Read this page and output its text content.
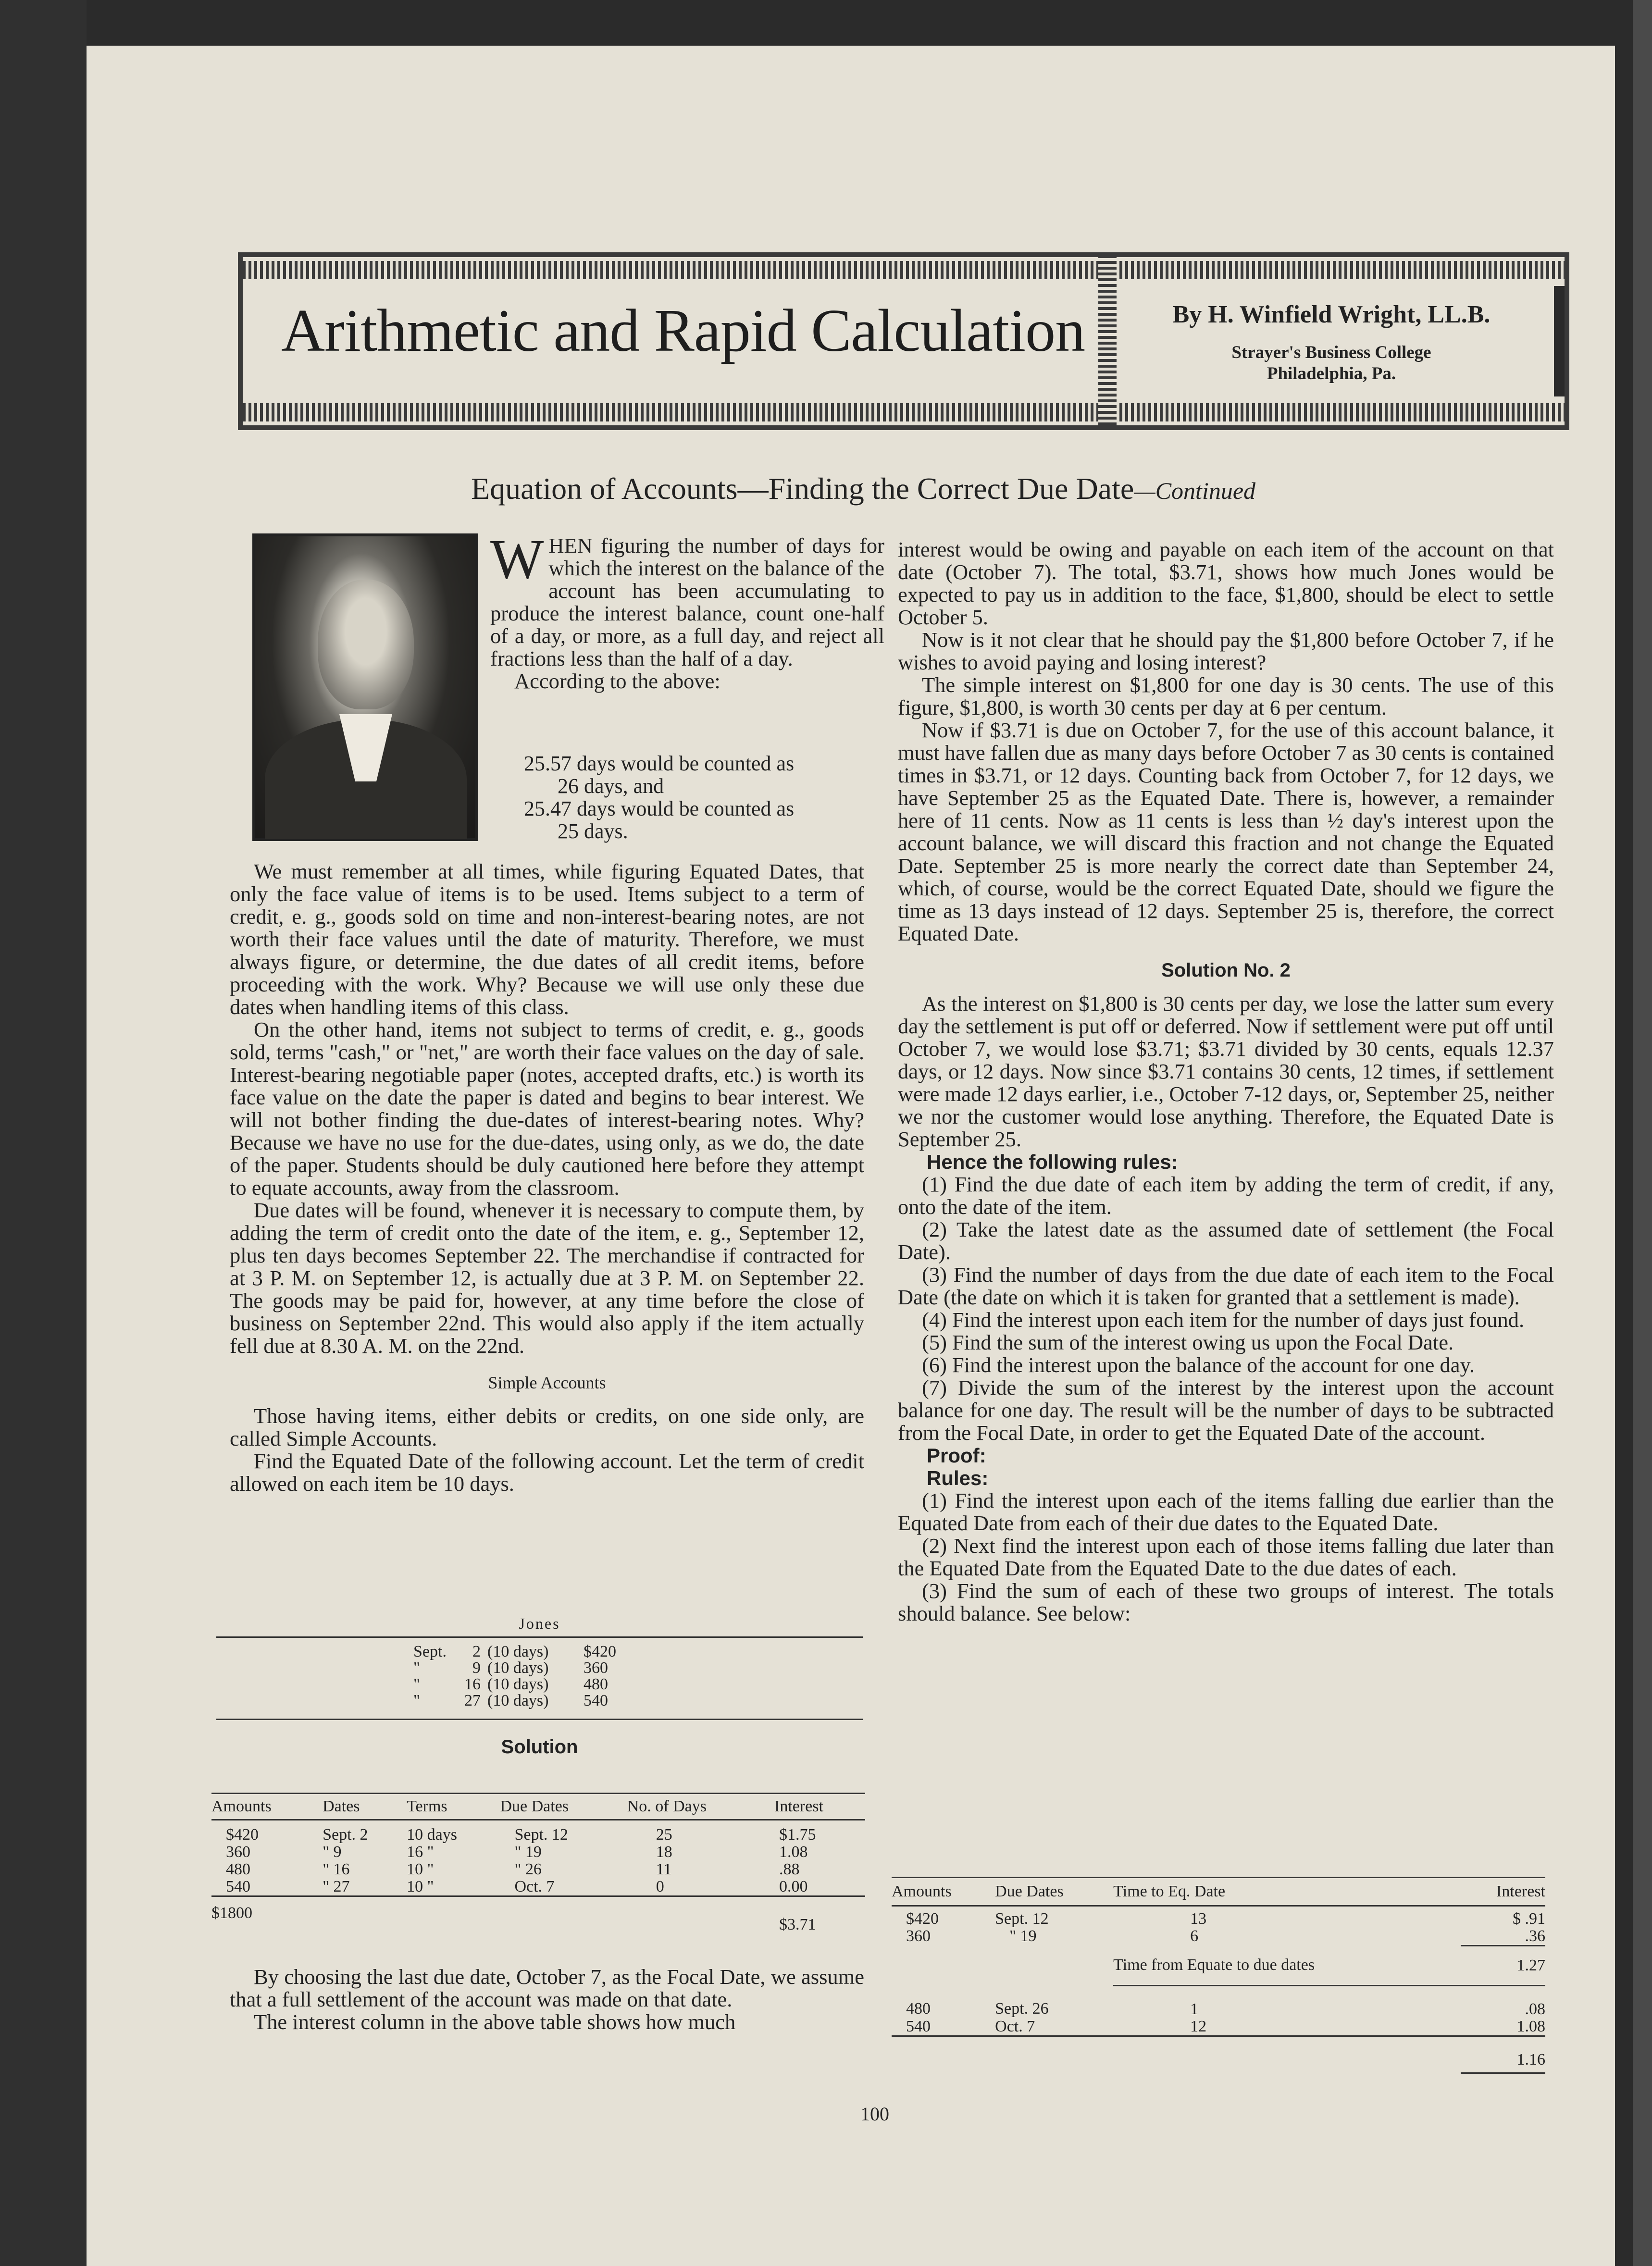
Arithmetic and Rapid Calculation	By H. Winfield Wright, LL.B.
Strayer's Business College
Philadelphia, Pa.
Equation of Accounts—Finding the Correct Due Date—Continued

WHEN figuring the number of days for which the interest on the balance of the account has been accumulating to produce the interest balance, count one-half of a day, or more, as a full day, and reject all fractions less than the half of a day.

According to the above:

25.57 days would be counted as
26 days, and
25.47 days would be counted as
25 days.

We must remember at all times, while figuring Equated Dates, that only the face value of items is to be used. Items subject to a term of credit, e. g., goods sold on time and non-interest-bearing notes, are not worth their face values until the date of maturity. Therefore, we must always figure, or determine, the due dates of all credit items, before proceeding with the work. Why? Because we will use only these due dates when handling items of this class.

On the other hand, items not subject to terms of credit, e. g., goods sold, terms "cash," or "net," are worth their face values on the day of sale. Interest-bearing negotiable paper (notes, accepted drafts, etc.) is worth its face value on the date the paper is dated and begins to bear interest. We will not bother finding the due-dates of interest-bearing notes. Why? Because we have no use for the due-dates, using only, as we do, the date of the paper. Students should be duly cautioned here before they attempt to equate accounts, away from the classroom.

Due dates will be found, whenever it is necessary to compute them, by adding the term of credit onto the date of the item, e. g., September 12, plus ten days becomes September 22. The merchandise if contracted for at 3 P. M. on September 12, is actually due at 3 P. M. on September 22. The goods may be paid for, however, at any time before the close of business on September 22nd. This would also apply if the item actually fell due at 8.30 A. M. on the 22nd.

Simple Accounts

Those having items, either debits or credits, on one side only, are called Simple Accounts.

Find the Equated Date of the following account. Let the term of credit allowed on each item be 10 days.

Jones
Sept.	2 (10 days)	$420
"	9 (10 days)	360
"	16 (10 days)	480
"	27 (10 days)	540
Solution
Amounts	Dates	Terms	Due Dates	No. of Days	Interest
$420	Sept. 2	10 days	Sept. 12	25	$1.75
360	" 9	16 "	" 19	18	1.08
480	" 16	10 "	" 26	11	.88
540	" 27	10 "	Oct. 7	0	0.00
$1800					$3.71

By choosing the last due date, October 7, as the Focal Date, we assume that a full settlement of the account was made on that date.

The interest column in the above table shows how much

interest would be owing and payable on each item of the account on that date (October 7). The total, $3.71, shows how much Jones would be expected to pay us in addition to the face, $1,800, should be elect to settle October 5.

Now is it not clear that he should pay the $1,800 before October 7, if he wishes to avoid paying and losing interest?

The simple interest on $1,800 for one day is 30 cents. The use of this figure, $1,800, is worth 30 cents per day at 6 per centum.

Now if $3.71 is due on October 7, for the use of this account balance, it must have fallen due as many days before October 7 as 30 cents is contained times in $3.71, or 12 days. Counting back from October 7, for 12 days, we have September 25 as the Equated Date. There is, however, a remainder here of 11 cents. Now as 11 cents is less than ½ day's interest upon the account balance, we will discard this fraction and not change the Equated Date. September 25 is more nearly the correct date than September 24, which, of course, would be the correct Equated Date, should we figure the time as 13 days instead of 12 days. September 25 is, therefore, the correct Equated Date.

Solution No. 2

As the interest on $1,800 is 30 cents per day, we lose the latter sum every day the settlement is put off or deferred. Now if settlement were put off until October 7, we would lose $3.71; $3.71 divided by 30 cents, equals 12.37 days, or 12 days. Now since $3.71 contains 30 cents, 12 times, if settlement were made 12 days earlier, i.e., October 7-12 days, or, September 25, neither we nor the customer would lose anything. Therefore, the Equated Date is September 25.

Hence the following rules:

(1) Find the due date of each item by adding the term of credit, if any, onto the date of the item.

(2) Take the latest date as the assumed date of settlement (the Focal Date).

(3) Find the number of days from the due date of each item to the Focal Date (the date on which it is taken for granted that a settlement is made).

(4) Find the interest upon each item for the number of days just found.

(5) Find the sum of the interest owing us upon the Focal Date.

(6) Find the interest upon the balance of the account for one day.

(7) Divide the sum of the interest by the interest upon the account balance for one day. The result will be the number of days to be subtracted from the Focal Date, in order to get the Equated Date of the account.

Proof:
Rules:

(1) Find the interest upon each of the items falling due earlier than the Equated Date from each of their due dates to the Equated Date.

(2) Next find the interest upon each of those items falling due later than the Equated Date from the Equated Date to the due dates of each.

(3) Find the sum of each of these two groups of interest. The totals should balance. See below:

Amounts	Due Dates	Time to Eq. Date	Interest
$420	Sept. 12	13	$ .91
360	" 19	6	.36
		Time from Equate to due dates	1.27
480	Sept. 26	1	.08
540	Oct. 7	12	1.08
			1.16
100
